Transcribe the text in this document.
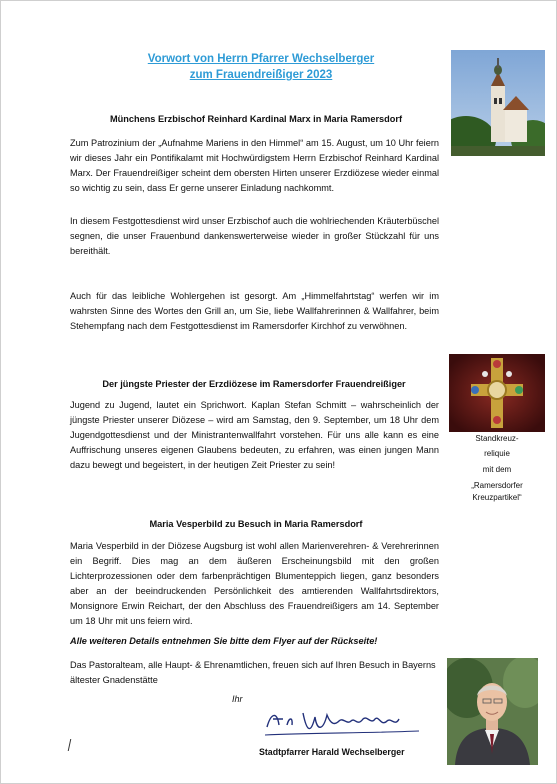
Vorwort von Herrn Pfarrer Wechselberger
zum Frauendreißiger 2023
Münchens Erzbischof Reinhard Kardinal Marx in Maria Ramersdorf
Zum Patrozinium der „Aufnahme Mariens in den Himmel“ am 15. August, um 10 Uhr feiern wir dieses Jahr ein Pontifikalamt mit Hochwürdigstem Herrn Erzbischof Reinhard Kardinal Marx. Der Frauendreißiger scheint dem obersten Hirten unserer Erzdiözese wieder einmal so wichtig zu sein, dass Er gerne unserer Einladung nachkommt.
In diesem Festgottesdienst wird unser Erzbischof auch die wohlriechenden Kräuterbüschel segnen, die unser Frauenbund dankenswerterweise wieder in großer Stückzahl für uns bereithält.
Auch für das leibliche Wohlergehen ist gesorgt. Am „Himmelfahrtstag“ werfen wir im wahrsten Sinne des Wortes den Grill an, um Sie, liebe Wallfahrerinnen & Wallfahrer, beim Stehempfang nach dem Festgottesdienst im Ramersdorfer Kirchhof zu verwöhnen.
Standkreuz-
reliquie
mit dem
„Ramersdorfer
Kreuzpartikel“
Der jüngste Priester der Erzdiözese im Ramersdorfer Frauendreißiger
Jugend zu Jugend, lautet ein Sprichwort. Kaplan Stefan Schmitt – wahrscheinlich der jüngste Priester unserer Diözese – wird am Samstag, den 9. September, um 18 Uhr dem Jugendgottesdienst und der Ministrantenwallfahrt vorstehen. Für uns alle kann es eine Auffrischung unseres eigenen Glaubens bedeuten, zu erfahren, was einen jungen Mann dazu bewegt und begeistert, in der heutigen Zeit Priester zu sein!
Maria Vesperbild zu Besuch in Maria Ramersdorf
Maria Vesperbild in der Diözese Augsburg ist wohl allen Marienverehren- & Verehrerinnen ein Begriff. Dies mag an dem äußeren Erscheinungsbild mit den großen Lichterprozessionen oder dem farbenprächtigen Blumenteppich liegen, ganz besonders aber an der beeindruckenden Persönlichkeit des amtierenden Wallfahrtsdirektors, Monsignore Erwin Reichart, der den Abschluss des Frauendreißigers am 14. September um 18 Uhr mit uns feiern wird.
Alle weiteren Details entnehmen Sie bitte dem Flyer auf der Rückseite!
Das Pastoralteam, alle Haupt- & Ehrenamtlichen, freuen sich auf Ihren Besuch in Bayerns ältester Gnadenstätte
Ihr
Stadtpfarrer Harald Wechselberger
